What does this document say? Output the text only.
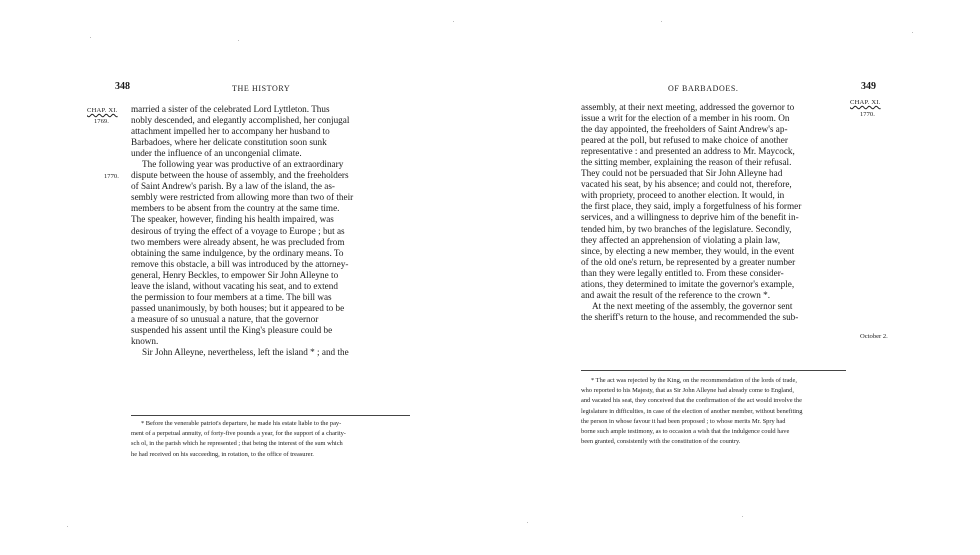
348	THE HISTORY
CHAP. XI.
1769.
1770.
married a sister of the celebrated Lord Lyttleton. Thus
nobly descended, and elegantly accomplished, her conjugal
attachment impelled her to accompany her husband to
Barbadoes, where her delicate constitution soon sunk
under the influence of an uncongenial climate.
The following year was productive of an extraordinary
dispute between the house of assembly, and the freeholders
of Saint Andrew's parish. By a law of the island, the as-
sembly were restricted from allowing more than two of their
members to be absent from the country at the same time.
The speaker, however, finding his health impaired, was
desirous of trying the effect of a voyage to Europe ; but as
two members were already absent, he was precluded from
obtaining the same indulgence, by the ordinary means. To
remove this obstacle, a bill was introduced by the attorney-
general, Henry Beckles, to empower Sir John Alleyne to
leave the island, without vacating his seat, and to extend
the permission to four members at a time. The bill was
passed unanimously, by both houses; but it appeared to be
a measure of so unusual a nature, that the governor
suspended his assent until the King's pleasure could be
known.
Sir John Alleyne, nevertheless, left the island * ; and the
* Before the venerable patriot's departure, he made his estate liable to the pay-
ment of a perpetual annuity, of forty-five pounds a year, for the support of a charity-
sch ol, in the parish which he represented ; that being the interest of the sum which
he had received on his succeeding, in rotation, to the office of treasurer.
OF BARBADOES.	349
CHAP. XI.
1770.
October 2.
assembly, at their next meeting, addressed the governor to
issue a writ for the election of a member in his room. On
the day appointed, the freeholders of Saint Andrew's ap-
peared at the poll, but refused to make choice of another
representative : and presented an address to Mr. Maycock,
the sitting member, explaining the reason of their refusal.
They could not be persuaded that Sir John Alleyne had
vacated his seat, by his absence; and could not, therefore,
with propriety, proceed to another election. It would, in
the first place, they said, imply a forgetfulness of his former
services, and a willingness to deprive him of the benefit in-
tended him, by two branches of the legislature. Secondly,
they affected an apprehension of violating a plain law,
since, by electing a new member, they would, in the event
of the old one's return, be represented by a greater number
than they were legally entitled to. From these consider-
ations, they determined to imitate the governor's example,
and await the result of the reference to the crown *.
At the next meeting of the assembly, the governor sent
the sheriff's return to the house, and recommended the sub-
* The act was rejected by the King, on the recommendation of the lords of trade,
who reported to his Majesty, that as Sir John Alleyne had already come to England,
and vacated his seat, they conceived that the confirmation of the act would involve the
legislature in difficulties, in case of the election of another member, without benefiting
the person in whose favour it had been proposed ; to whose merits Mr. Spry had
borne such ample testimony, as to occasion a wish that the indulgence could have
been granted, consistently with the constitution of the country.
